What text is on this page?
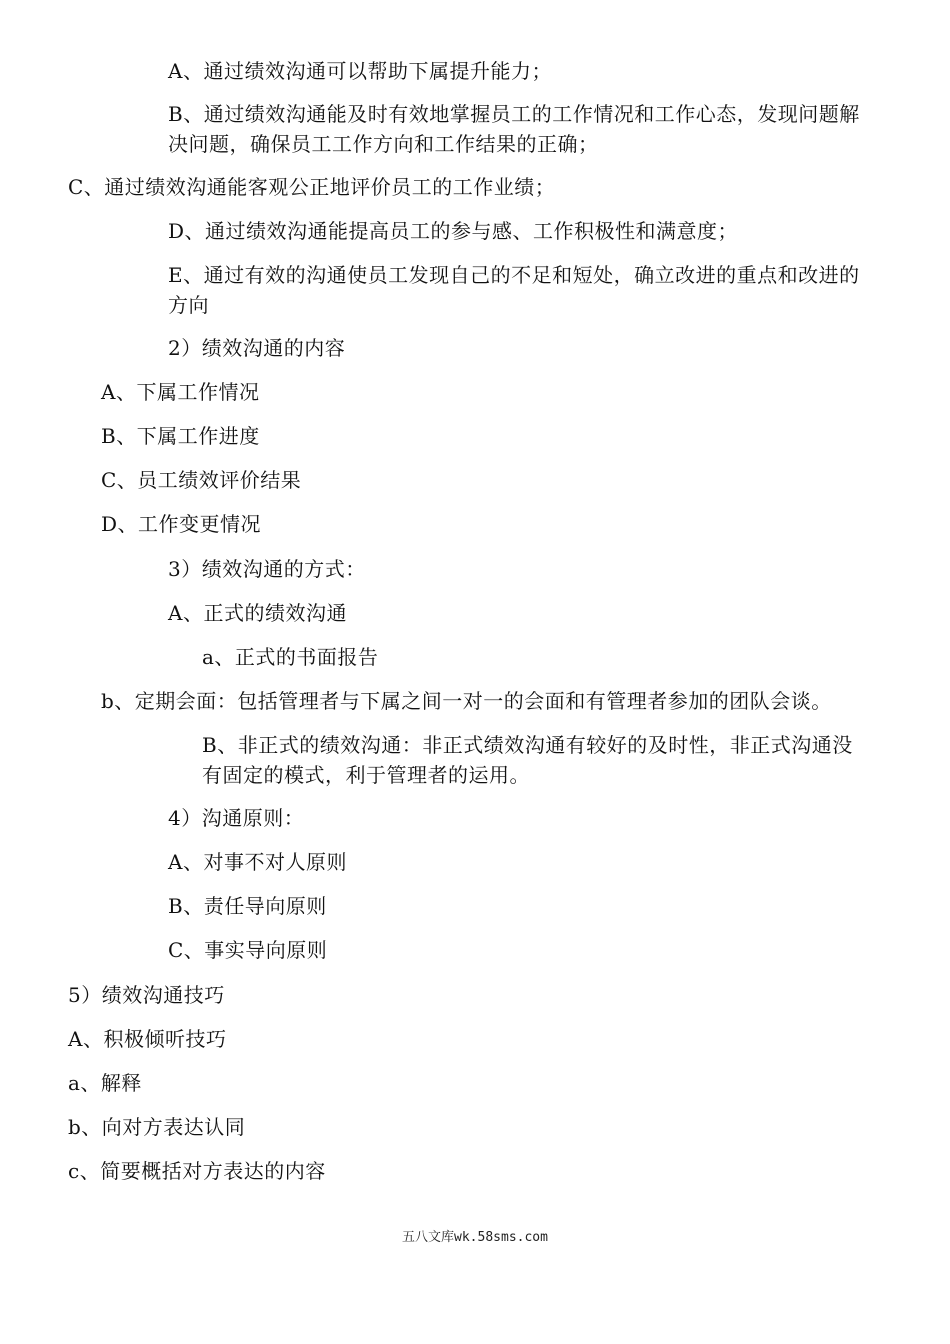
A、通过绩效沟通可以帮助下属提升能力；
B、通过绩效沟通能及时有效地掌握员工的工作情况和工作心态，发现问题解决问题，确保员工工作方向和工作结果的正确；
C、通过绩效沟通能客观公正地评价员工的工作业绩；
D、通过绩效沟通能提高员工的参与感、工作积极性和满意度；
E、通过有效的沟通使员工发现自己的不足和短处，确立改进的重点和改进的方向
2）绩效沟通的内容
A、下属工作情况
B、下属工作进度
C、员工绩效评价结果
D、工作变更情况
3）绩效沟通的方式：
A、正式的绩效沟通
a、正式的书面报告
b、定期会面：包括管理者与下属之间一对一的会面和有管理者参加的团队会谈。
B、非正式的绩效沟通：非正式绩效沟通有较好的及时性，非正式沟通没有固定的模式，利于管理者的运用。
4）沟通原则：
A、对事不对人原则
B、责任导向原则
C、事实导向原则
5）绩效沟通技巧
A、积极倾听技巧
a、解释
b、向对方表达认同
c、简要概括对方表达的内容
五八文库wk.58sms.com
